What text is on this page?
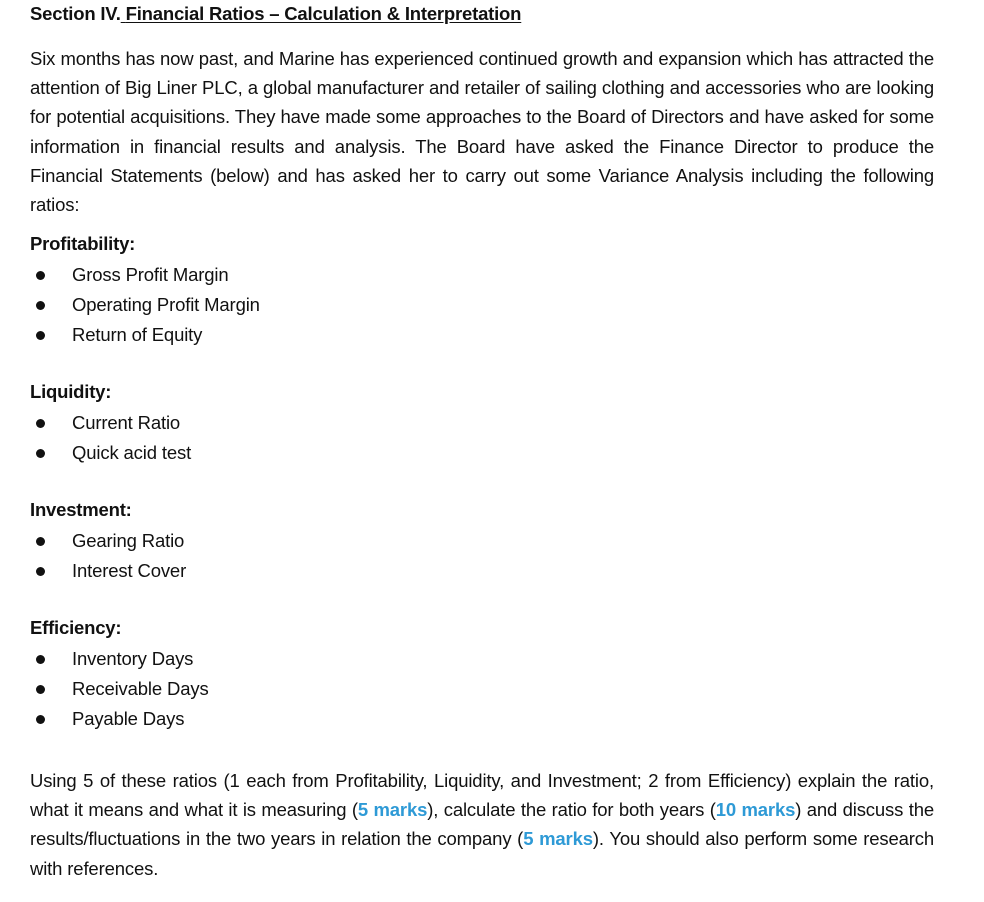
Section IV. Financial Ratios – Calculation & Interpretation

Six months has now past, and Marine has experienced continued growth and expansion which has attracted the attention of Big Liner PLC, a global manufacturer and retailer of sailing clothing and accessories who are looking for potential acquisitions. They have made some approaches to the Board of Directors and have asked for some information in financial results and analysis. The Board have asked the Finance Director to produce the Financial Statements (below) and has asked her to carry out some Variance Analysis including the following ratios:

Profitability:
Gross Profit Margin
Operating Profit Margin
Return of Equity
Liquidity:
Current Ratio
Quick acid test
Investment:
Gearing Ratio
Interest Cover
Efficiency:
Inventory Days
Receivable Days
Payable Days

Using 5 of these ratios (1 each from Profitability, Liquidity, and Investment; 2 from Efficiency) explain the ratio, what it means and what it is measuring (5 marks), calculate the ratio for both years (10 marks) and discuss the results/fluctuations in the two years in relation the company (5 marks). You should also perform some research with references.
